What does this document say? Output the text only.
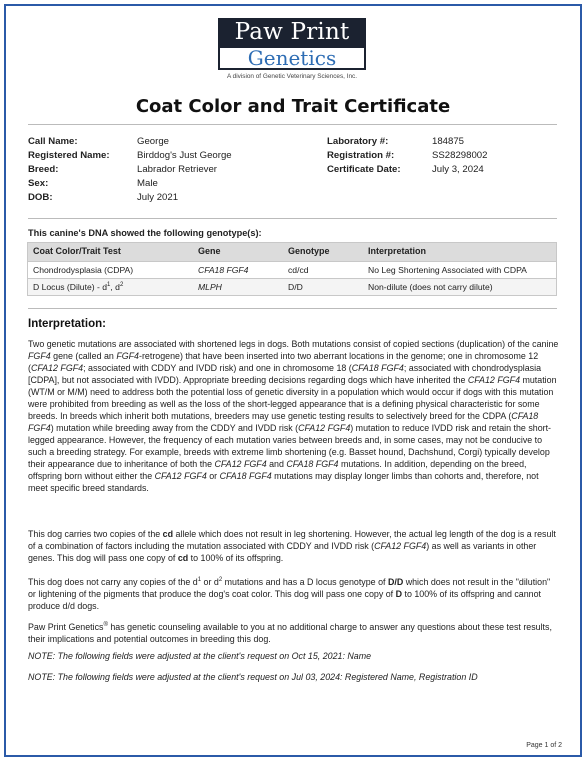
Paw Print
Genetics
A division of Genetic Veterinary Sciences, Inc.
Coat Color and Trait Certificate
Call Name:	George
Registered Name:	Birddog's Just George
Breed:	Labrador Retriever
Sex:	Male
DOB:	July 2021
Laboratory #:	184875
Registration #:	SS28298002
Certificate Date:	July 3, 2024
This canine's DNA showed the following genotype(s):
Coat Color/Trait Test	Gene	Genotype	Interpretation
Chondrodysplasia (CDPA)	CFA18 FGF4	cd/cd	No Leg Shortening Associated with CDPA
D Locus (Dilute) - $d^1$, $d^2$	MLPH	D/D	Non-dilute (does not carry dilute)
Interpretation:
Two genetic mutations are associated with shortened legs in dogs. Both mutations consist of copied sections (duplication) of the canine FGF4 gene (called an FGF4-retrogene) that have been inserted into two aberrant locations in the genome; one in chromosome 12 (CFA12 FGF4; associated with CDDY and IVDD risk) and one in chromosome 18 (CFA18 FGF4; associated with chondrodysplasia [CDPA], but not associated with IVDD). Appropriate breeding decisions regarding dogs which have inherited the CFA12 FGF4 mutation (WT/M or M/M) need to address both the potential loss of genetic diversity in a population which would occur if dogs with this mutation were prohibited from breeding as well as the loss of the short-legged appearance that is a defining physical characteristic for some breeds. In breeds which inherit both mutations, breeders may use genetic testing results to selectively breed for the CDPA (CFA18 FGF4) mutation while breeding away from the CDDY and IVDD risk (CFA12 FGF4) mutation to reduce IVDD risk and retain the short-legged appearance. However, the frequency of each mutation varies between breeds and, in some cases, may not be conducive to such a breeding strategy. For example, breeds with extreme limb shortening (e.g. Basset hound, Dachshund, Corgi) typically develop their appearance due to inheritance of both the CFA12 FGF4 and CFA18 FGF4 mutations. In addition, depending on the breed, offspring born without either the CFA12 FGF4 or CFA18 FGF4 mutations may display longer limbs than cohorts and, therefore, not meet specific breed standards.
This dog carries two copies of the cd allele which does not result in leg shortening. However, the actual leg length of the dog is a result of a combination of factors including the mutation associated with CDDY and IVDD risk (CFA12 FGF4) as well as variants in other genes. This dog will pass one copy of cd to 100% of its offspring.
This dog does not carry any copies of the $d^1$ or $d^2$ mutations and has a D locus genotype of D/D which does not result in the "dilution" or lightening of the pigments that produce the dog's coat color. This dog will pass one copy of D to 100% of its offspring and cannot produce d/d dogs.
Paw Print Genetics® has genetic counseling available to you at no additional charge to answer any questions about these test results, their implications and potential outcomes in breeding this dog.
NOTE: The following fields were adjusted at the client's request on Oct 15, 2021: Name
NOTE: The following fields were adjusted at the client's request on Jul 03, 2024: Registered Name, Registration ID
Page 1 of 2
